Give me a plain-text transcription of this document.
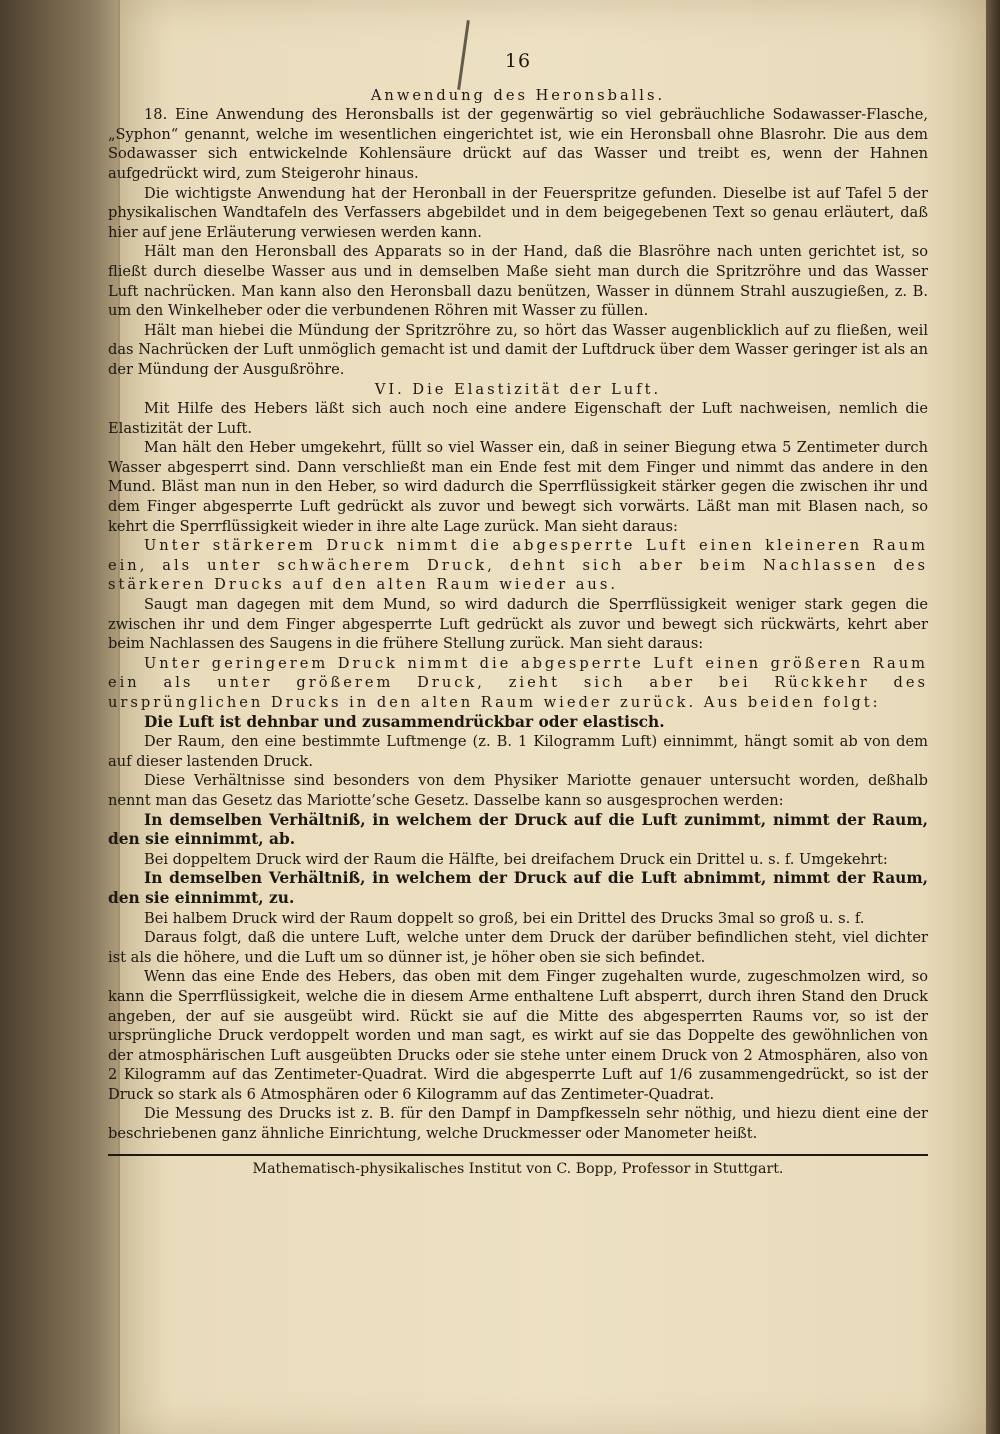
16

Anwendung des Heronsballs.

18. Eine Anwendung des Heronsballs ist der gegenwärtig so viel gebräuchliche Sodawasser-Flasche, „Syphon“ genannt, welche im wesentlichen eingerichtet ist, wie ein Heronsball ohne Blasrohr. Die aus dem Sodawasser sich entwickelnde Kohlensäure drückt auf das Wasser und treibt es, wenn der Hahnen aufgedrückt wird, zum Steigerohr hinaus.

Die wichtigste Anwendung hat der Heronball in der Feuerspritze gefunden. Dieselbe ist auf Tafel 5 der physikalischen Wandtafeln des Verfassers abgebildet und in dem beigegebenen Text so genau erläutert, daß hier auf jene Erläuterung verwiesen werden kann.

Hält man den Heronsball des Apparats so in der Hand, daß die Blasröhre nach unten gerichtet ist, so fließt durch dieselbe Wasser aus und in demselben Maße sieht man durch die Spritzröhre und das Wasser Luft nachrücken. Man kann also den Heronsball dazu benützen, Wasser in dünnem Strahl auszugießen, z. B. um den Winkelheber oder die verbundenen Röhren mit Wasser zu füllen.

Hält man hiebei die Mündung der Spritzröhre zu, so hört das Wasser augenblicklich auf zu fließen, weil das Nachrücken der Luft unmöglich gemacht ist und damit der Luftdruck über dem Wasser geringer ist als an der Mündung der Ausgußröhre.

VI. Die Elastizität der Luft.

Mit Hilfe des Hebers läßt sich auch noch eine andere Eigenschaft der Luft nachweisen, nemlich die Elastizität der Luft.

Man hält den Heber umgekehrt, füllt so viel Wasser ein, daß in seiner Biegung etwa 5 Zentimeter durch Wasser abgesperrt sind. Dann verschließt man ein Ende fest mit dem Finger und nimmt das andere in den Mund. Bläst man nun in den Heber, so wird dadurch die Sperrflüssigkeit stärker gegen die zwischen ihr und dem Finger abgesperrte Luft gedrückt als zuvor und bewegt sich vorwärts. Läßt man mit Blasen nach, so kehrt die Sperrflüssigkeit wieder in ihre alte Lage zurück. Man sieht daraus:

Unter stärkerem Druck nimmt die abgesperrte Luft einen kleineren Raum ein, als unter schwächerem Druck, dehnt sich aber beim Nachlassen des stärkeren Drucks auf den alten Raum wieder aus.

Saugt man dagegen mit dem Mund, so wird dadurch die Sperrflüssigkeit weniger stark gegen die zwischen ihr und dem Finger abgesperrte Luft gedrückt als zuvor und bewegt sich rückwärts, kehrt aber beim Nachlassen des Saugens in die frühere Stellung zurück. Man sieht daraus:

Unter geringerem Druck nimmt die abgesperrte Luft einen größeren Raum ein als unter größerem Druck, zieht sich aber bei Rückkehr des ursprünglichen Drucks in den alten Raum wieder zurück. Aus beiden folgt:

Die Luft ist dehnbar und zusammendrückbar oder elastisch.

Der Raum, den eine bestimmte Luftmenge (z. B. 1 Kilogramm Luft) einnimmt, hängt somit ab von dem auf dieser lastenden Druck.

Diese Verhältnisse sind besonders von dem Physiker Mariotte genauer untersucht worden, deßhalb nennt man das Gesetz das Mariotte’sche Gesetz. Dasselbe kann so ausgesprochen werden:

In demselben Verhältniß, in welchem der Druck auf die Luft zunimmt, nimmt der Raum, den sie einnimmt, ab.

Bei doppeltem Druck wird der Raum die Hälfte, bei dreifachem Druck ein Drittel u. s. f. Umgekehrt:

In demselben Verhältniß, in welchem der Druck auf die Luft abnimmt, nimmt der Raum, den sie einnimmt, zu.

Bei halbem Druck wird der Raum doppelt so groß, bei ein Drittel des Drucks 3mal so groß u. s. f.

Daraus folgt, daß die untere Luft, welche unter dem Druck der darüber befindlichen steht, viel dichter ist als die höhere, und die Luft um so dünner ist, je höher oben sie sich befindet.

Wenn das eine Ende des Hebers, das oben mit dem Finger zugehalten wurde, zugeschmolzen wird, so kann die Sperrflüssigkeit, welche die in diesem Arme enthaltene Luft absperrt, durch ihren Stand den Druck angeben, der auf sie ausgeübt wird. Rückt sie auf die Mitte des abgesperrten Raums vor, so ist der ursprüngliche Druck verdoppelt worden und man sagt, es wirkt auf sie das Doppelte des gewöhnlichen von der atmosphärischen Luft ausgeübten Drucks oder sie stehe unter einem Druck von 2 Atmosphären, also von 2 Kilogramm auf das Zentimeter-Quadrat. Wird die abgesperrte Luft auf 1/6 zusammengedrückt, so ist der Druck so stark als 6 Atmosphären oder 6 Kilogramm auf das Zentimeter-Quadrat.

Die Messung des Drucks ist z. B. für den Dampf in Dampfkesseln sehr nöthig, und hiezu dient eine der beschriebenen ganz ähnliche Einrichtung, welche Druckmesser oder Manometer heißt.

Mathematisch-physikalisches Institut von C. Bopp, Professor in Stuttgart.
